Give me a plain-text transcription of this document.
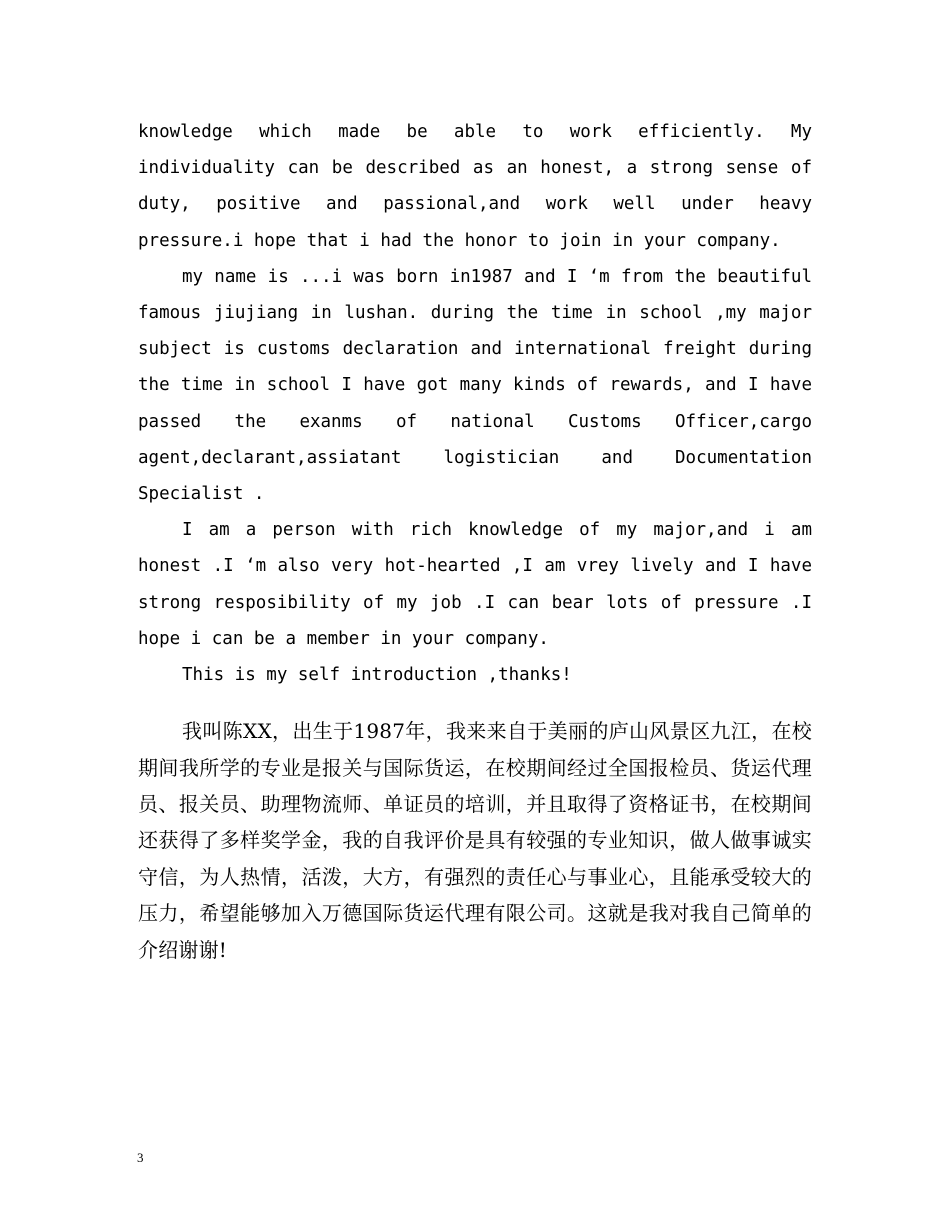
knowledge which made be able to work efficiently. My individuality can be described as an honest, a strong sense of duty, positive and passional,and work well under heavy pressure.i hope that i had the honor to join in your company.

my name is ...i was born in1987 and I ‘m from the beautiful famous jiujiang in lushan. during the time in school ,my major subject is customs declaration and international freight during the time in school I have got many kinds of rewards, and I have passed the exanms of national Customs Officer,cargo agent,declarant,assiatant logistician and Documentation Specialist .

I am a person with rich knowledge of my major,and i am honest .I ‘m also very hot-hearted ,I am vrey lively and I have strong resposibility of my job .I can bear lots of pressure .I hope i can be a member in your company.

This is my self introduction ,thanks!

我叫陈XX，出生于1987年，我来来自于美丽的庐山风景区九江，在校期间我所学的专业是报关与国际货运，在校期间经过全国报检员、货运代理员、报关员、助理物流师、单证员的培训，并且取得了资格证书，在校期间还获得了多样奖学金，我的自我评价是具有较强的专业知识，做人做事诚实守信，为人热情，活泼，大方，有强烈的责任心与事业心，且能承受较大的压力，希望能够加入万德国际货运代理有限公司。这就是我对我自己简单的介绍谢谢!

3
